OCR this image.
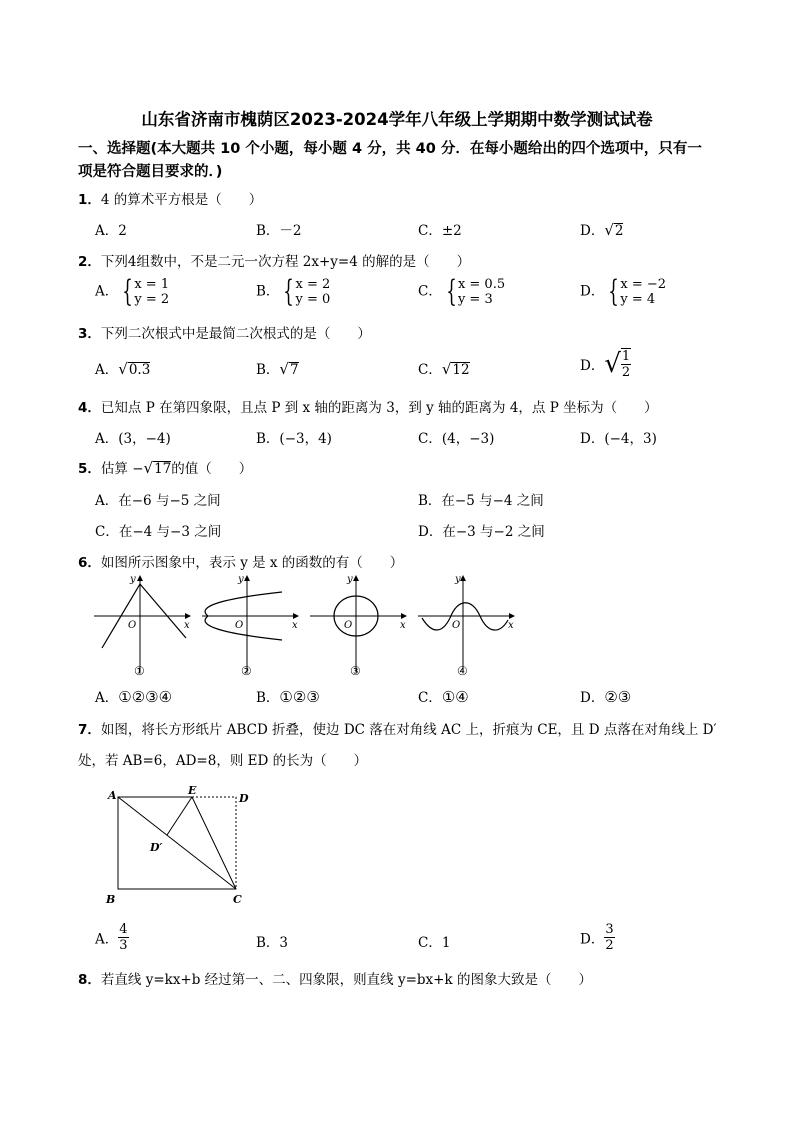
山东省济南市槐荫区2023-2024学年八年级上学期期中数学测试试卷
一、选择题(本大题共 10 个小题，每小题 4 分，共 40 分．在每小题给出的四个选项中，只有一
项是符合题目要求的．)
1．4 的算术平方根是（　　）
A．2	B．－2	C．±2	D．√2
2．下列4组数中，不是二元一次方程 2x+y=4 的解的是（　　）
A． { x = 1
y = 2	B． { x = 2
y = 0	C． { x = 0.5
y = 3	D． { x = −2
y = 4
3．下列二次根式中是最简二次根式的是（　　）
A．√0.3	B．√7	C．√12	D．√ $\frac{1}{2}$
4．已知点 P 在第四象限，且点 P 到 x 轴的距离为 3，到 y 轴的距离为 4，点 P 坐标为（　　）
A．(3，−4)	B．(−3，4)	C．(4，−3)	D．(−4，3)
5．估算 −√17的值（　　）
A．在−6 与−5 之间	B．在−5 与−4 之间
C．在−4 与−3 之间	D．在−3 与−2 之间
6．如图所示图象中，表示 y 是 x 的函数的有（　　）
O	x
y
O	x
y
O	x
y
O	x
y
①	②	③	④
A．①②③④	B．①②③	C．①④	D．②③
7．如图，将长方形纸片 ABCD 折叠，使边 DC 落在对角线 AC 上，折痕为 CE，且 D 点落在对角线上 D′
处，若 AB=6，AD=8，则 ED 的长为（　　）
A	E
D
D′
B	C
A． $\frac{4}{3}$	B．3	C．1	D． $\frac{3}{2}$
8．若直线 y=kx+b 经过第一、二、四象限，则直线 y=bx+k 的图象大致是（　　）
